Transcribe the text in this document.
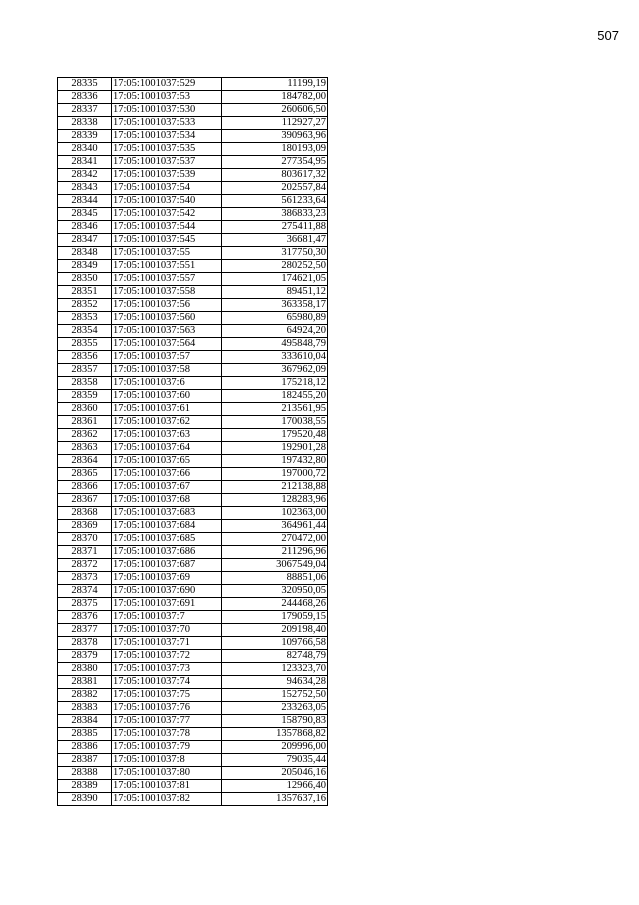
507
28335	17:05:1001037:529	11199,19
28336	17:05:1001037:53	184782,00
28337	17:05:1001037:530	260606,50
28338	17:05:1001037:533	112927,27
28339	17:05:1001037:534	390963,96
28340	17:05:1001037:535	180193,09
28341	17:05:1001037:537	277354,95
28342	17:05:1001037:539	803617,32
28343	17:05:1001037:54	202557,84
28344	17:05:1001037:540	561233,64
28345	17:05:1001037:542	386833,23
28346	17:05:1001037:544	275411,88
28347	17:05:1001037:545	36681,47
28348	17:05:1001037:55	317750,30
28349	17:05:1001037:551	280252,50
28350	17:05:1001037:557	174621,05
28351	17:05:1001037:558	89451,12
28352	17:05:1001037:56	363358,17
28353	17:05:1001037:560	65980,89
28354	17:05:1001037:563	64924,20
28355	17:05:1001037:564	495848,79
28356	17:05:1001037:57	333610,04
28357	17:05:1001037:58	367962,09
28358	17:05:1001037:6	175218,12
28359	17:05:1001037:60	182455,20
28360	17:05:1001037:61	213561,95
28361	17:05:1001037:62	170038,55
28362	17:05:1001037:63	179520,48
28363	17:05:1001037:64	192901,28
28364	17:05:1001037:65	197432,80
28365	17:05:1001037:66	197000,72
28366	17:05:1001037:67	212138,88
28367	17:05:1001037:68	128283,96
28368	17:05:1001037:683	102363,00
28369	17:05:1001037:684	364961,44
28370	17:05:1001037:685	270472,00
28371	17:05:1001037:686	211296,96
28372	17:05:1001037:687	3067549,04
28373	17:05:1001037:69	88851,06
28374	17:05:1001037:690	320950,05
28375	17:05:1001037:691	244468,26
28376	17:05:1001037:7	179059,15
28377	17:05:1001037:70	209198,40
28378	17:05:1001037:71	109766,58
28379	17:05:1001037:72	82748,79
28380	17:05:1001037:73	123323,70
28381	17:05:1001037:74	94634,28
28382	17:05:1001037:75	152752,50
28383	17:05:1001037:76	233263,05
28384	17:05:1001037:77	158790,83
28385	17:05:1001037:78	1357868,82
28386	17:05:1001037:79	209996,00
28387	17:05:1001037:8	79035,44
28388	17:05:1001037:80	205046,16
28389	17:05:1001037:81	12966,40
28390	17:05:1001037:82	1357637,16
